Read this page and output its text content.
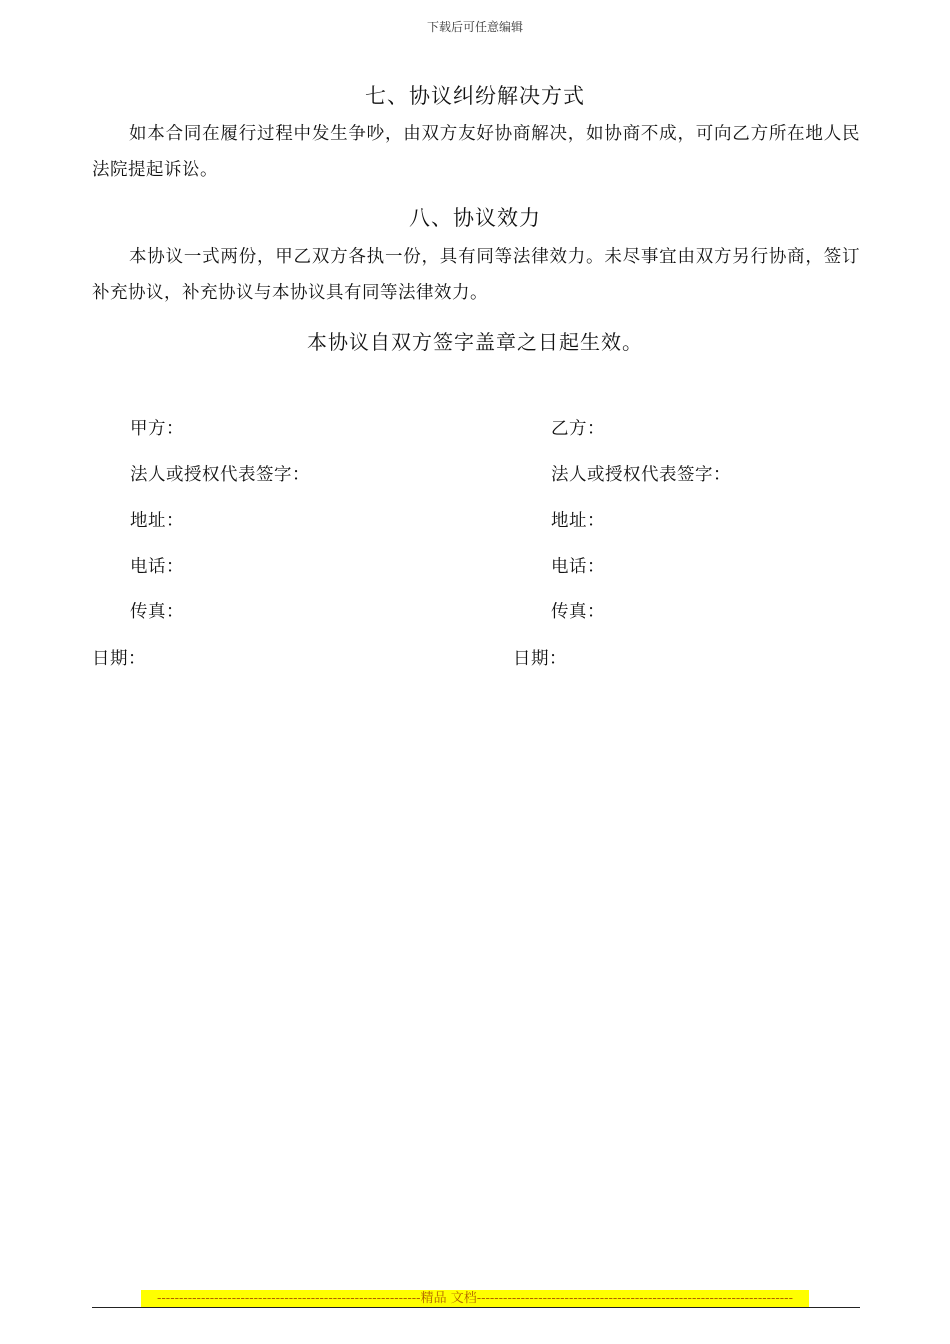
下载后可任意编辑
七、协议纠纷解决方式
如本合同在履行过程中发生争吵，由双方友好协商解决，如协商不成，可向乙方所在地人民法院提起诉讼。
八、协议效力
本协议一式两份，甲乙双方各执一份，具有同等法律效力。未尽事宜由双方另行协商，签订补充协议，补充协议与本协议具有同等法律效力。
本协议自双方签字盖章之日起生效。
甲方：
法人或授权代表签字：
地址：
电话：
传真：
日期：
乙方：
法人或授权代表签字：
地址：
电话：
传真：
日期：
------------------------------------------------------------精品 文档------------------------------------------------------------------------
